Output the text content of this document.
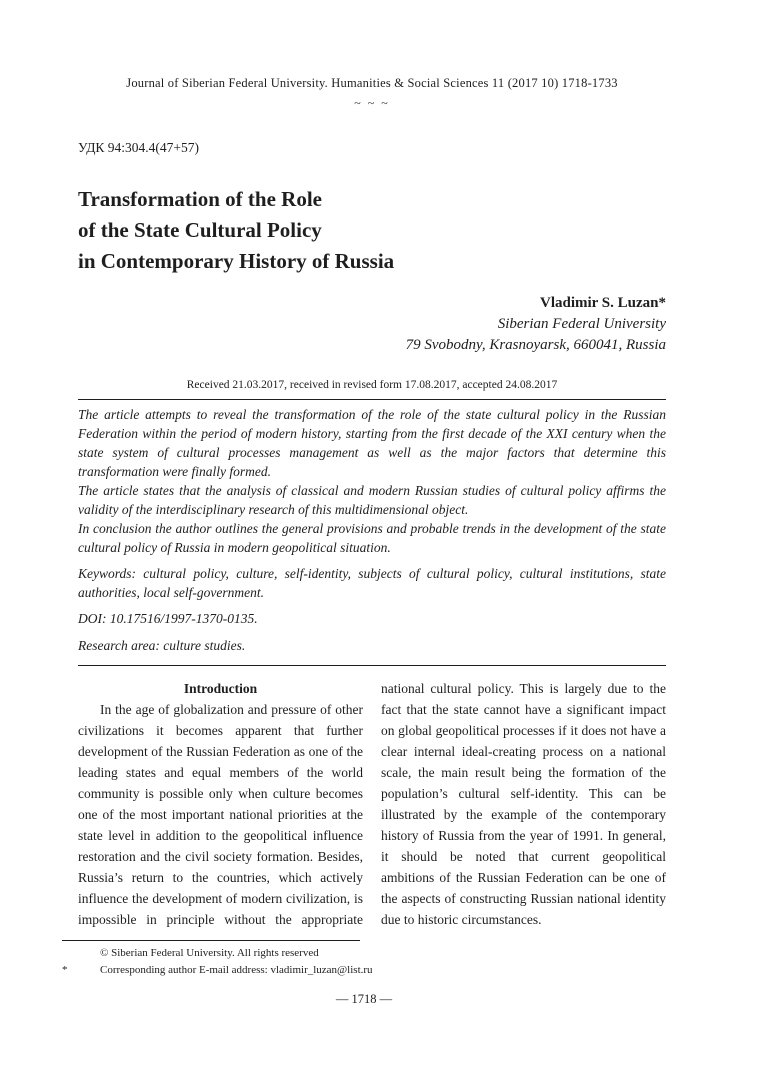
Journal of Siberian Federal University. Humanities & Social Sciences 11 (2017 10) 1718-1733
~ ~ ~
УДК 94:304.4(47+57)
Transformation of the Role
of the State Cultural Policy
in Contemporary History of Russia
Vladimir S. Luzan*
Siberian Federal University
79 Svobodny, Krasnoyarsk, 660041, Russia
Received 21.03.2017, received in revised form 17.08.2017, accepted 24.08.2017

The article attempts to reveal the transformation of the role of the state cultural policy in the Russian Federation within the period of modern history, starting from the first decade of the XXI century when the state system of cultural processes management as well as the major factors that determine this transformation were finally formed.

The article states that the analysis of classical and modern Russian studies of cultural policy affirms the validity of the interdisciplinary research of this multidimensional object.

In conclusion the author outlines the general provisions and probable trends in the development of the state cultural policy of Russia in modern geopolitical situation.

Keywords: cultural policy, culture, self-identity, subjects of cultural policy, cultural institutions, state authorities, local self-government.

DOI: 10.17516/1997-1370-0135.

Research area: culture studies.

Introduction

In the age of globalization and pressure of other civilizations it becomes apparent that further development of the Russian Federation as one of the leading states and equal members of the world community is possible only when culture becomes one of the most important national priorities at the state level in addition to the geopolitical influence restoration and the civil society formation. Besides, Russia’s return to the countries, which actively influence the development of modern civilization, is impossible in principle without the appropriate

national cultural policy. This is largely due to the fact that the state cannot have a significant impact on global geopolitical processes if it does not have a clear internal ideal-creating process on a national scale, the main result being the formation of the population’s cultural self-identity. This can be illustrated by the example of the contemporary history of Russia from the year of 1991. In general, it should be noted that current geopolitical ambitions of the Russian Federation can be one of the aspects of constructing Russian national identity due to historic circumstances.

© Siberian Federal University. All rights reserved
*	Corresponding author E-mail address: vladimir_luzan@list.ru
— 1718 —
